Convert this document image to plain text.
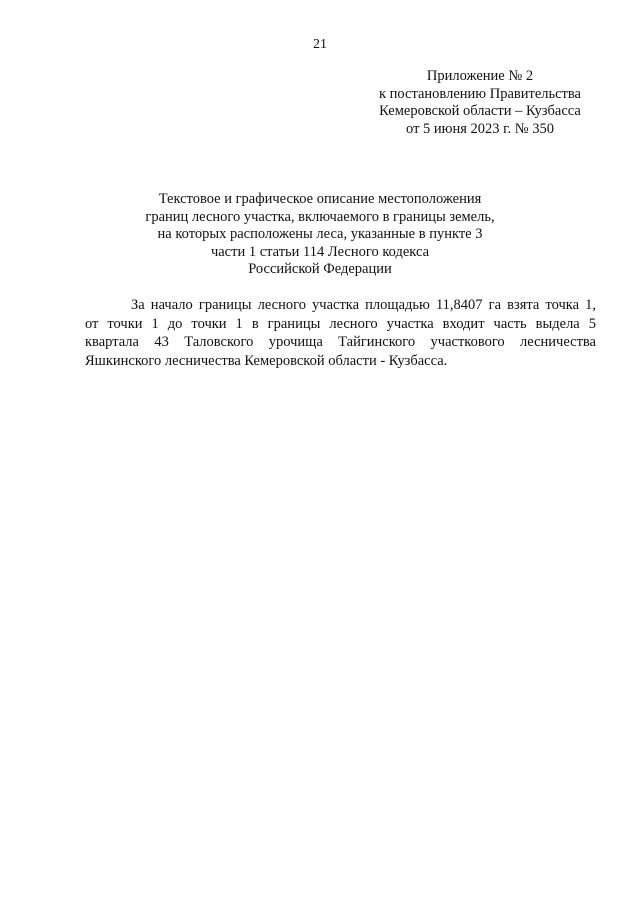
21
Приложение № 2
к постановлению Правительства
Кемеровской области – Кузбасса
от 5 июня 2023 г. № 350
Текстовое и графическое описание местоположения
границ лесного участка, включаемого в границы земель,
на которых расположены леса, указанные в пункте 3
части 1 статьи 114 Лесного кодекса
Российской Федерации
За начало границы лесного участка площадью 11,8407 га взята точка 1,
от точки 1 до точки 1 в границы лесного участка входит часть выдела 5
квартала 43 Таловского урочища Тайгинского участкового лесничества
Яшкинского лесничества Кемеровской области - Кузбасса.
